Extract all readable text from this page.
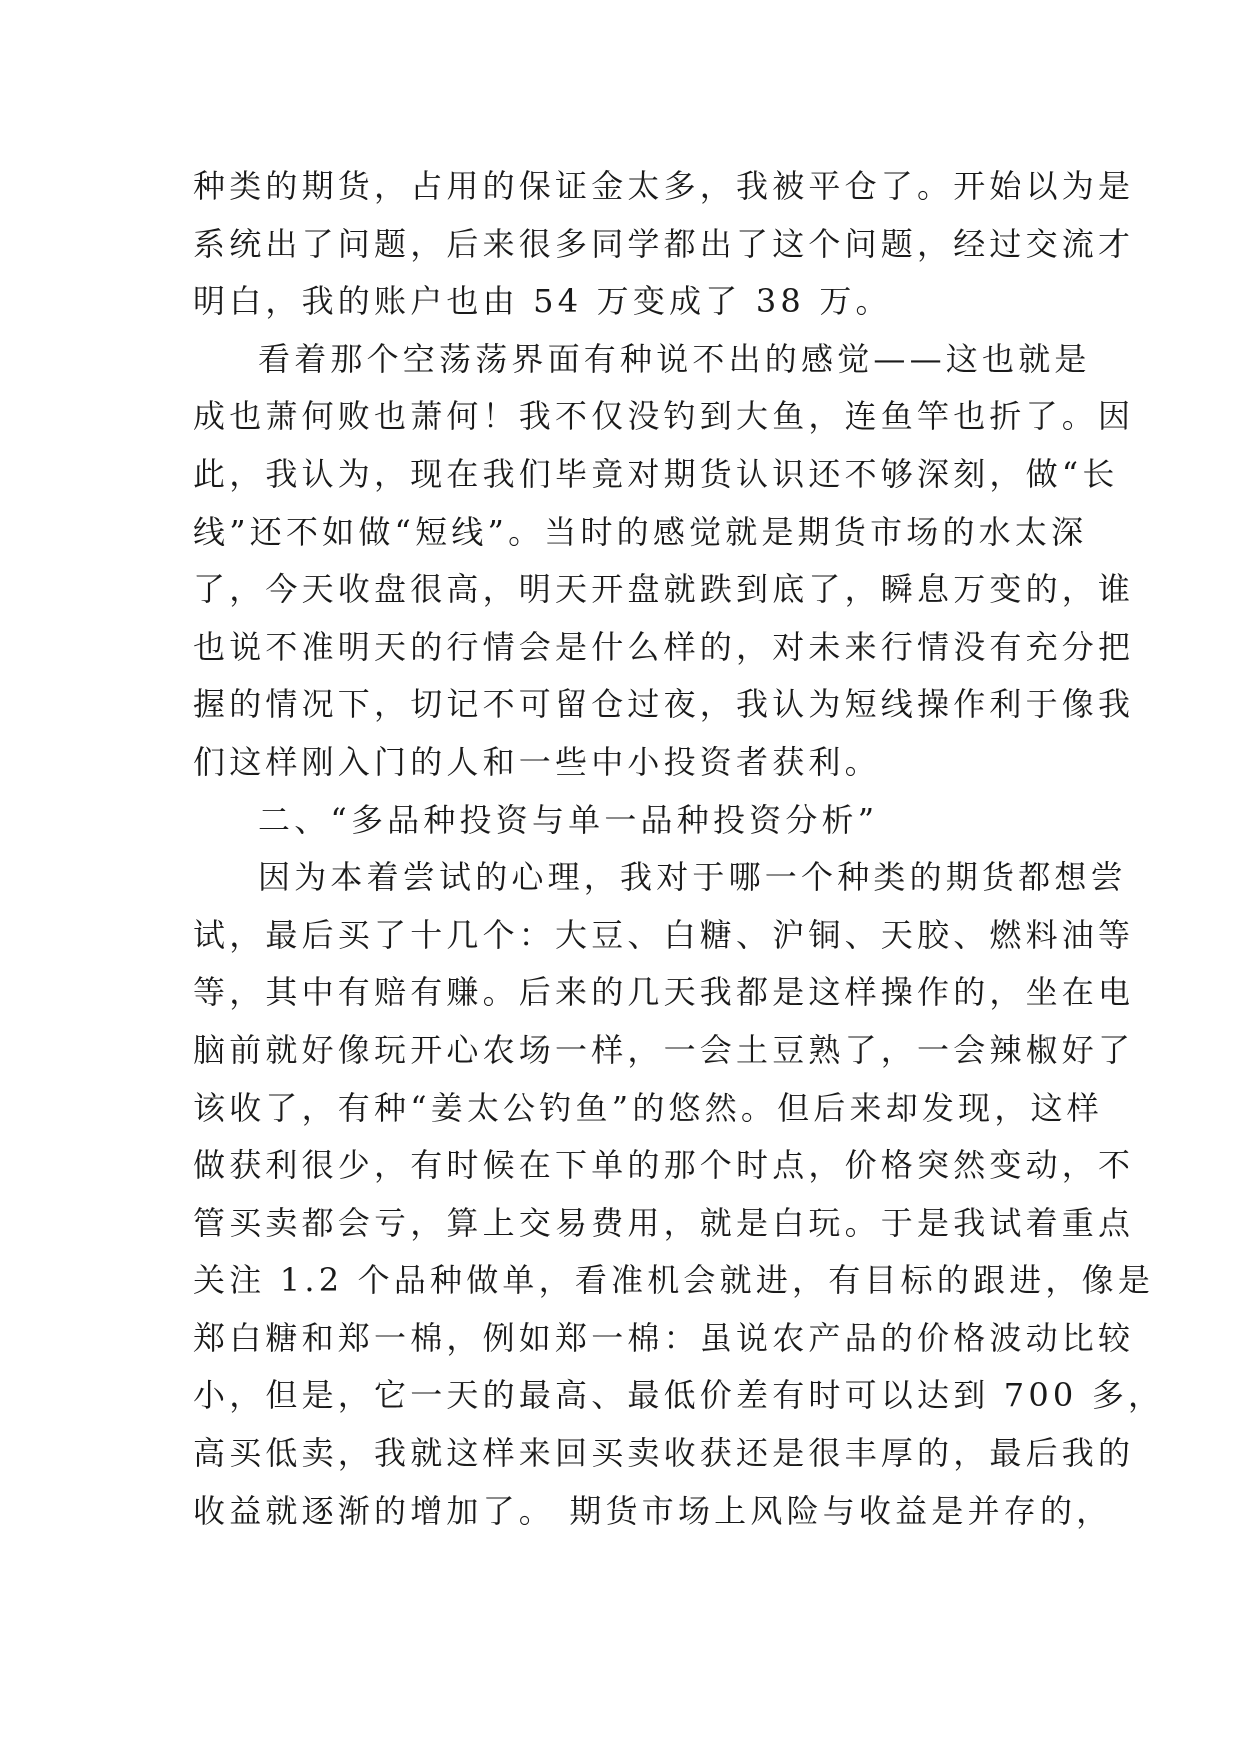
种类的期货，占用的保证金太多，我被平仓了。开始以为是
系统出了问题，后来很多同学都出了这个问题，经过交流才
明白，我的账户也由 54 万变成了 38 万。
看着那个空荡荡界面有种说不出的感觉——这也就是
成也萧何败也萧何！我不仅没钓到大鱼，连鱼竿也折了。因
此，我认为，现在我们毕竟对期货认识还不够深刻，做“长
线”还不如做“短线”。当时的感觉就是期货市场的水太深
了，今天收盘很高，明天开盘就跌到底了，瞬息万变的，谁
也说不准明天的行情会是什么样的，对未来行情没有充分把
握的情况下，切记不可留仓过夜，我认为短线操作利于像我
们这样刚入门的人和一些中小投资者获利。
二、“多品种投资与单一品种投资分析”
因为本着尝试的心理，我对于哪一个种类的期货都想尝
试，最后买了十几个：大豆、白糖、沪铜、天胶、燃料油等
等，其中有赔有赚。后来的几天我都是这样操作的，坐在电
脑前就好像玩开心农场一样，一会土豆熟了，一会辣椒好了
该收了，有种“姜太公钓鱼”的悠然。但后来却发现，这样
做获利很少，有时候在下单的那个时点，价格突然变动，不
管买卖都会亏，算上交易费用，就是白玩。于是我试着重点
关注 1.2 个品种做单，看准机会就进，有目标的跟进，像是
郑白糖和郑一棉，例如郑一棉：虽说农产品的价格波动比较
小，但是，它一天的最高、最低价差有时可以达到 700 多，
高买低卖，我就这样来回买卖收获还是很丰厚的，最后我的
收益就逐渐的增加了。 期货市场上风险与收益是并存的，
